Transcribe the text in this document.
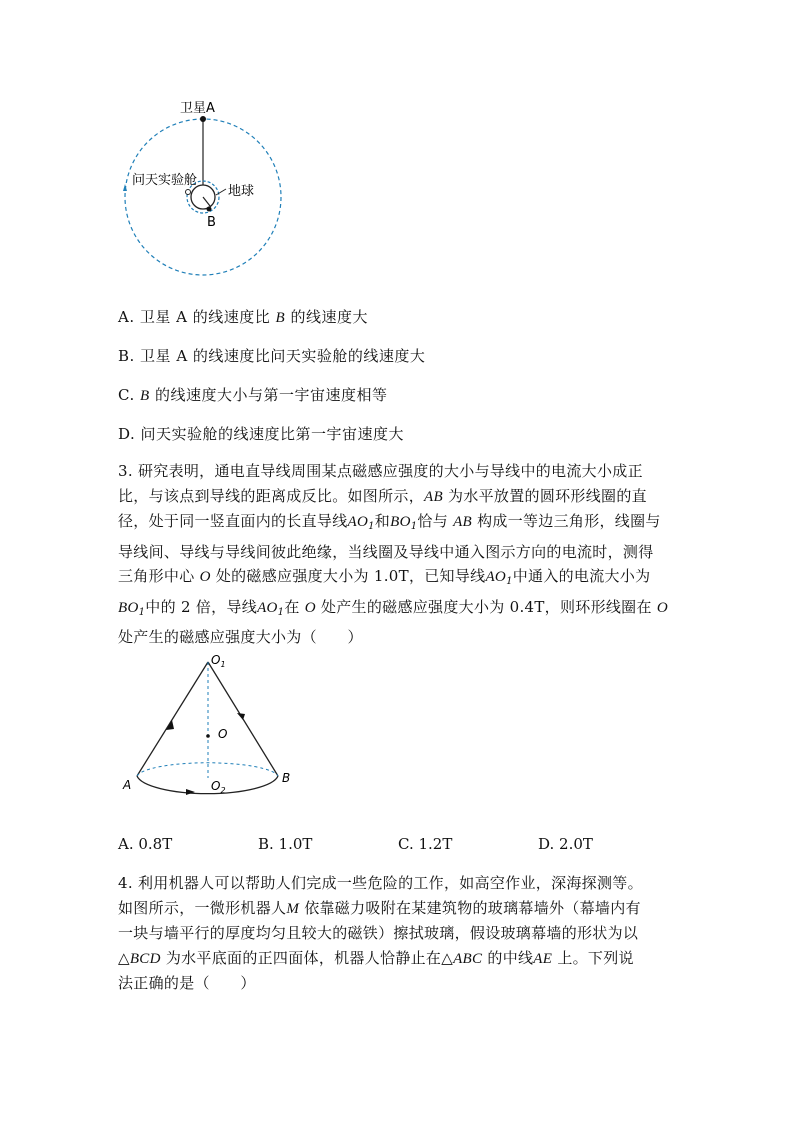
卫星A
问天实验舱
地球
B
A. 卫星 A 的线速度比 B 的线速度大
B. 卫星 A 的线速度比问天实验舱的线速度大
C. B 的线速度大小与第一宇宙速度相等
D. 问天实验舱的线速度比第一宇宙速度大
3. 研究表明，通电直导线周围某点磁感应强度的大小与导线中的电流大小成正
比，与该点到导线的距离成反比。如图所示，AB 为水平放置的圆环形线圈的直
径，处于同一竖直面内的长直导线$AO_1$和$BO_1$恰与 AB 构成一等边三角形，线圈与
导线间、导线与导线间彼此绝缘，当线圈及导线中通入图示方向的电流时，测得
三角形中心 O 处的磁感应强度大小为 1.0T，已知导线$AO_1$中通入的电流大小为
$BO_1$中的 2 倍，导线$AO_1$在 O 处产生的磁感应强度大小为 0.4T，则环形线圈在 O
处产生的磁感应强度大小为（　　）
$O_1$
O
$O_2$
A	B
A. 0.8T	B. 1.0T	C. 1.2T	D. 2.0T
4. 利用机器人可以帮助人们完成一些危险的工作，如高空作业，深海探测等。
如图所示，一微形机器人M 依靠磁力吸附在某建筑物的玻璃幕墙外（幕墙内有
一块与墙平行的厚度均匀且较大的磁铁）擦拭玻璃，假设玻璃幕墙的形状为以
△BCD 为水平底面的正四面体，机器人恰静止在△ABC 的中线AE 上。下列说
法正确的是（　　）
